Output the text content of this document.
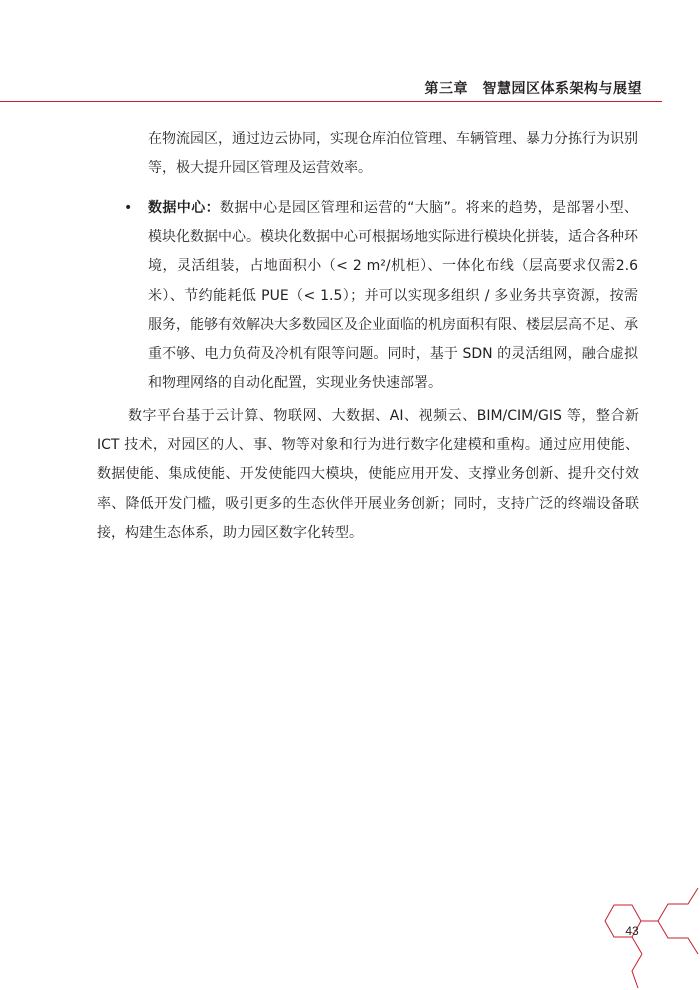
第三章　智慧园区体系架构与展望
在物流园区，通过边云协同，实现仓库泊位管理、车辆管理、暴力分拣行为识别等，极大提升园区管理及运营效率。
• 数据中心：数据中心是园区管理和运营的“大脑”。将来的趋势，是部署小型、模块化数据中心。模块化数据中心可根据场地实际进行模块化拼装，适合各种环境，灵活组装，占地面积小（< 2 m²/机柜）、一体化布线（层高要求仅需2.6米）、节约能耗低 PUE（< 1.5）；并可以实现多组织 / 多业务共享资源，按需服务，能够有效解决大多数园区及企业面临的机房面积有限、楼层层高不足、承重不够、电力负荷及冷机有限等问题。同时，基于 SDN 的灵活组网，融合虚拟和物理网络的自动化配置，实现业务快速部署。
数字平台基于云计算、物联网、大数据、AI、视频云、BIM/CIM/GIS 等，整合新 ICT 技术，对园区的人、事、物等对象和行为进行数字化建模和重构。通过应用使能、数据使能、集成使能、开发使能四大模块，使能应用开发、支撑业务创新、提升交付效率、降低开发门槛，吸引更多的生态伙伴开展业务创新；同时，支持广泛的终端设备联接，构建生态体系，助力园区数字化转型。
43
